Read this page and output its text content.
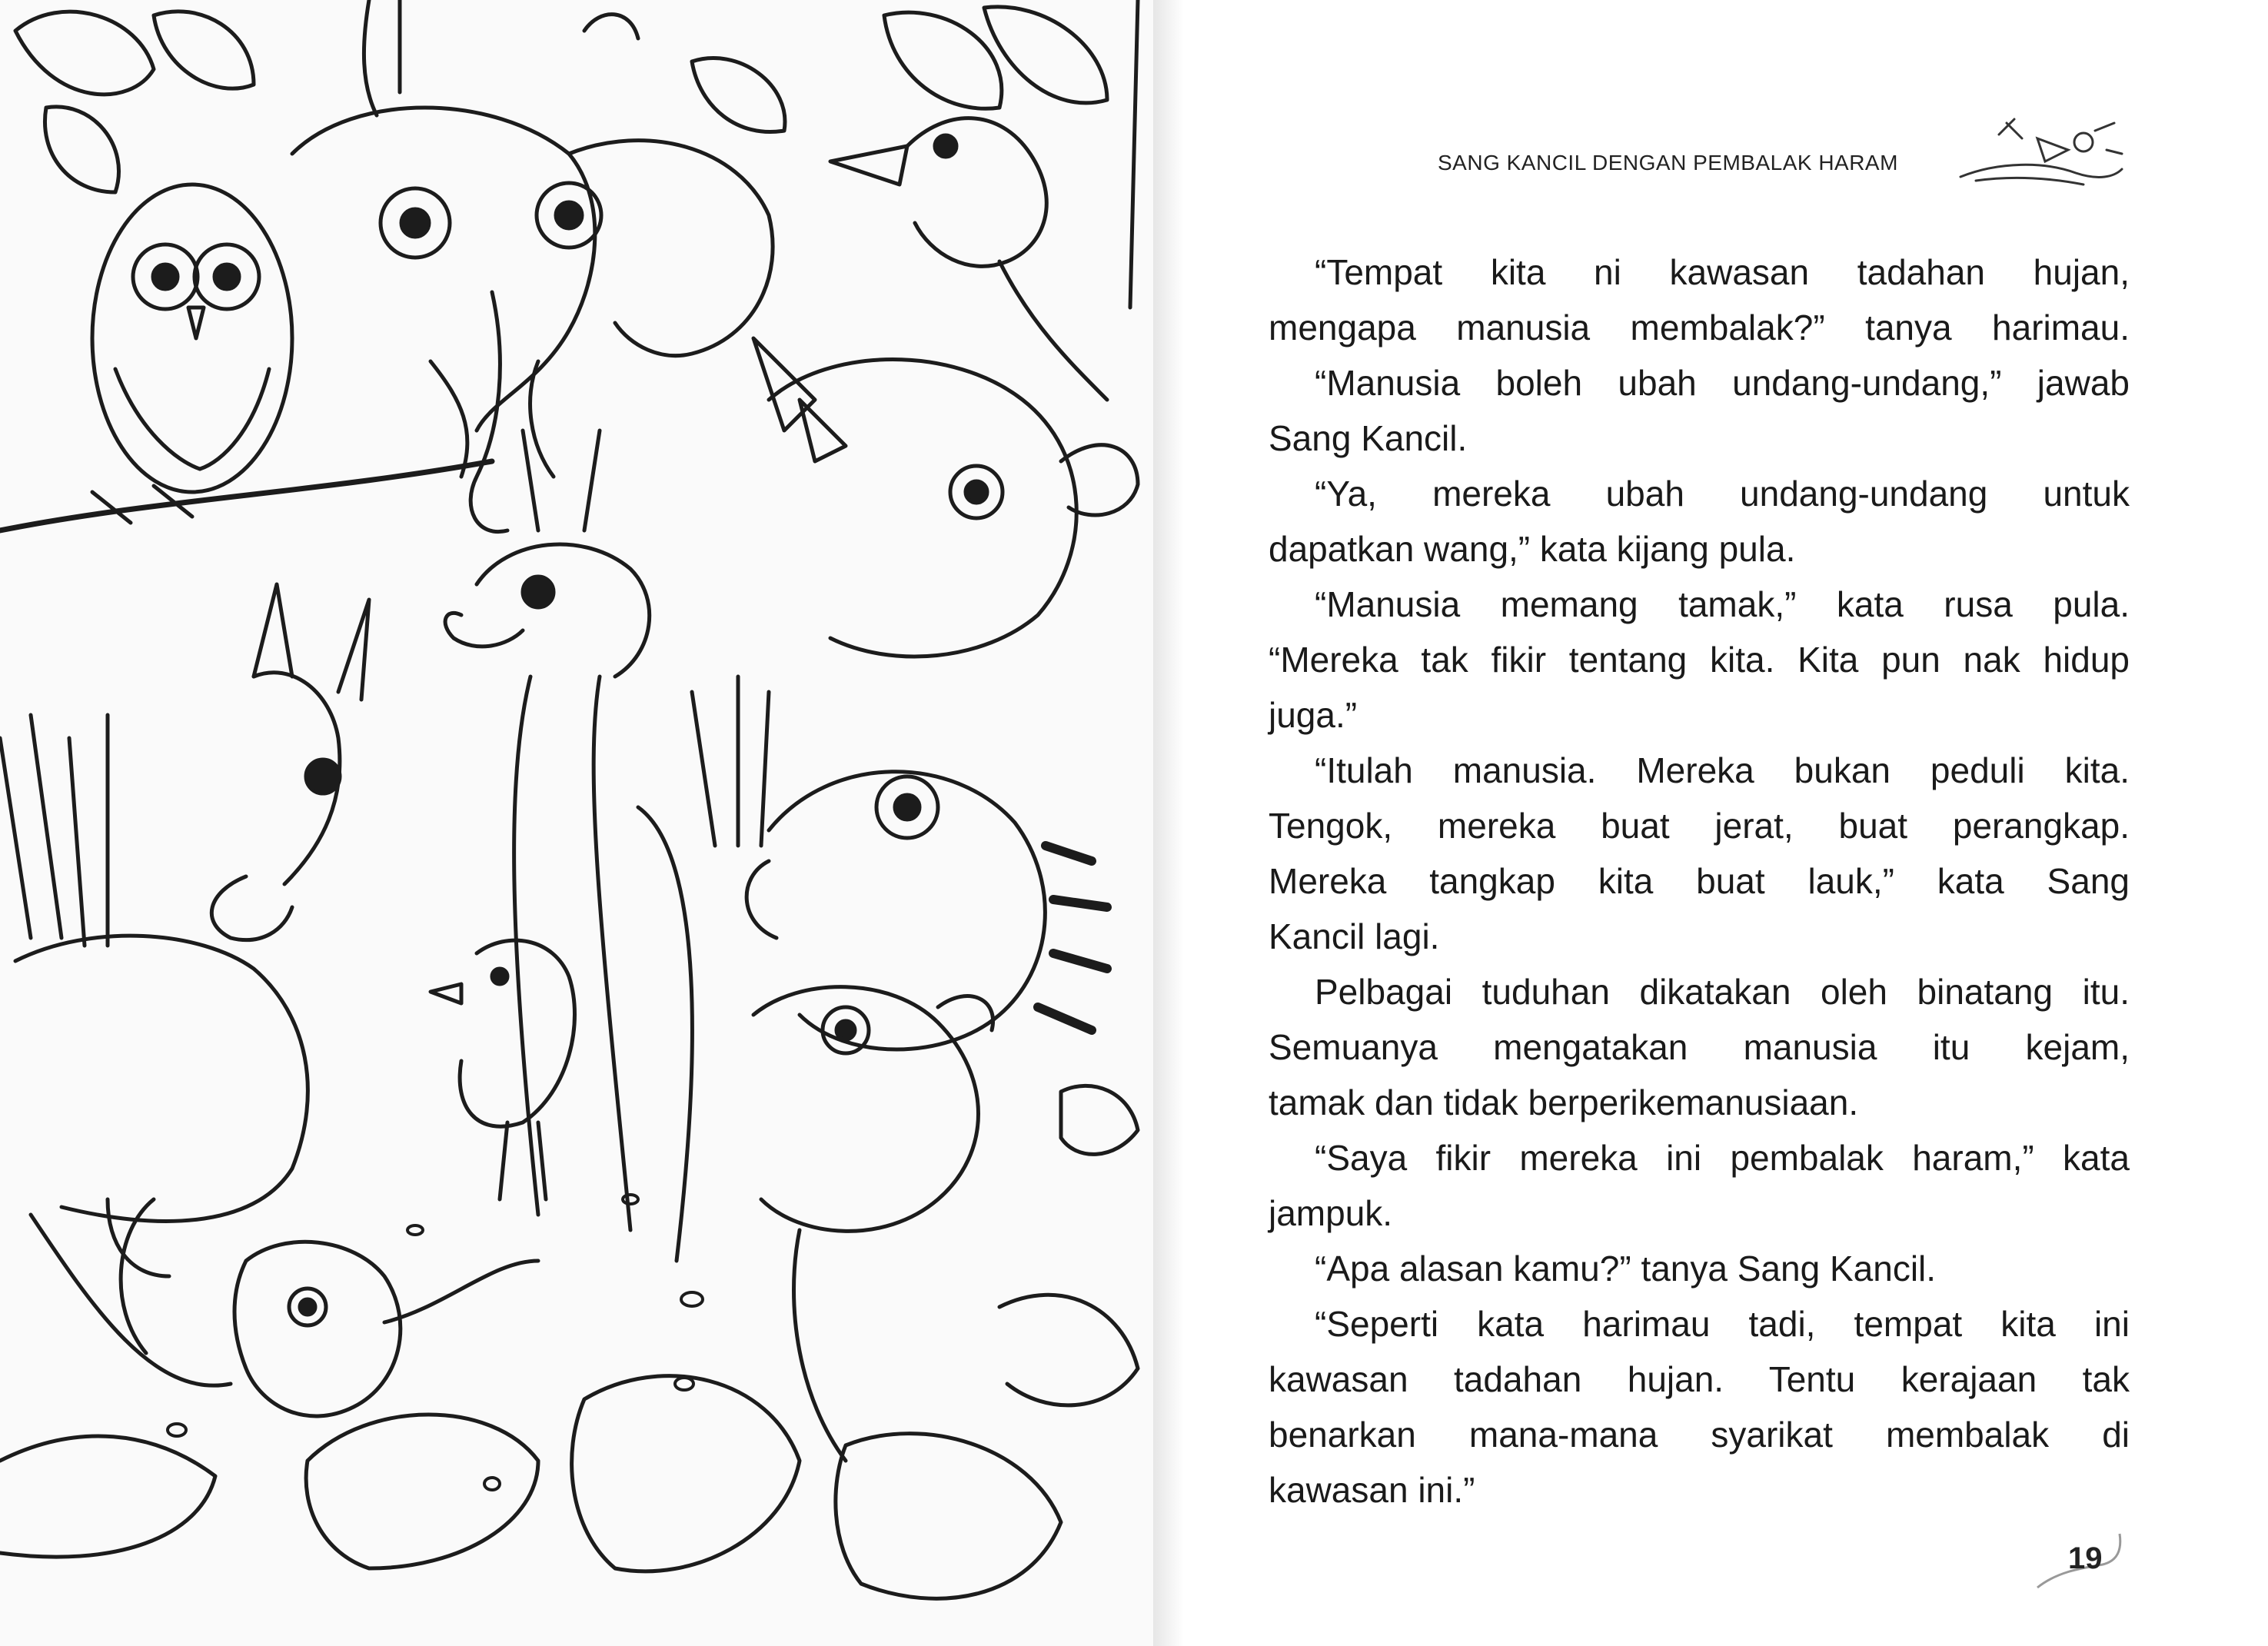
SANG KANCIL DENGAN PEMBALAK HARAM

“Tempat kita ni kawasan tadahan hujan,
mengapa manusia membalak?” tanya harimau.

“Manusia boleh ubah undang-undang,” jawab
Sang Kancil.

“Ya, mereka ubah undang-undang untuk
dapatkan wang,” kata kijang pula.

“Manusia memang tamak,” kata rusa pula.
“Mereka tak fikir tentang kita. Kita pun nak hidup
juga.”

“Itulah manusia. Mereka bukan peduli kita.
Tengok, mereka buat jerat, buat perangkap.
Mereka tangkap kita buat lauk,” kata Sang
Kancil lagi.

Pelbagai tuduhan dikatakan oleh binatang itu.
Semuanya mengatakan manusia itu kejam,
tamak dan tidak berperikemanusiaan.

“Saya fikir mereka ini pembalak haram,” kata
jampuk.

“Apa alasan kamu?” tanya Sang Kancil.

“Seperti kata harimau tadi, tempat kita ini
kawasan tadahan hujan. Tentu kerajaan tak
benarkan mana-mana syarikat membalak di
kawasan ini.”

19
